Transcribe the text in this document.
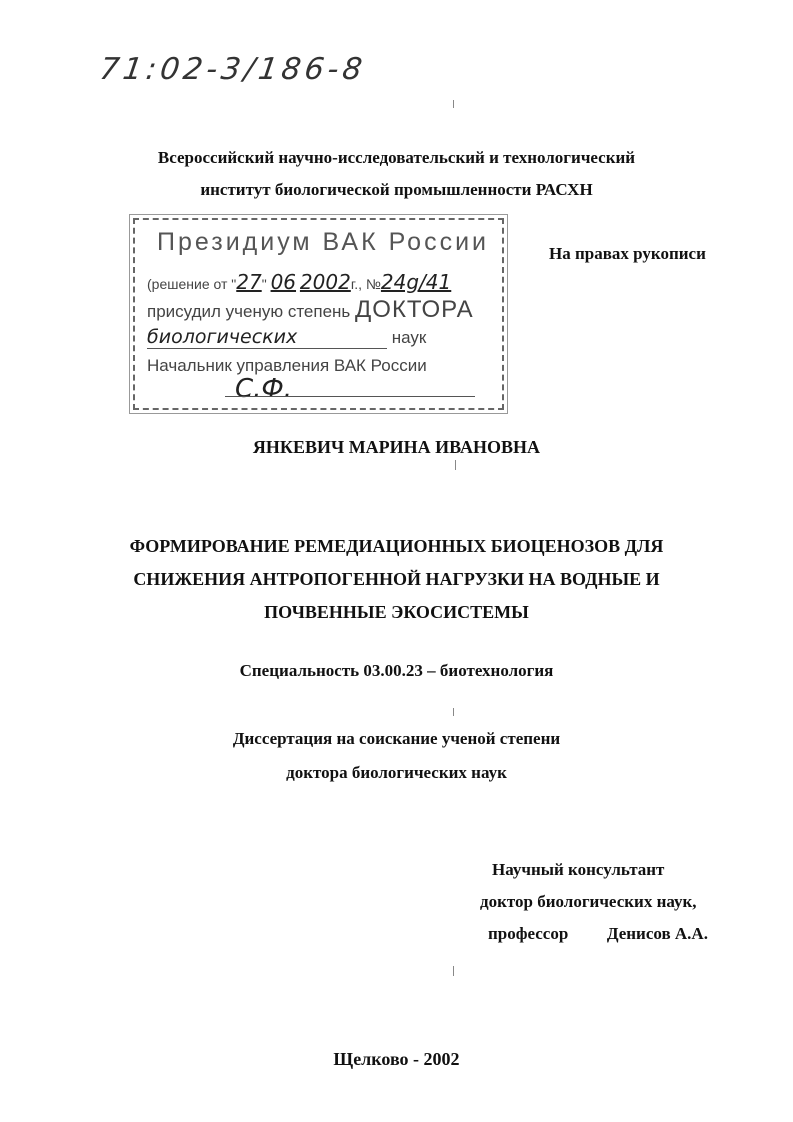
71:02-3/186-8
Всероссийский научно-исследовательский и технологический
институт биологической промышленности РАСХН
На правах рукописи
Президиум ВАК России
(решение от "27" 06 2002г., №24g/41
присудил ученую степень ДОКТОРА
биологических	наук
Начальник управления ВАК России
С.Ф.
ЯНКЕВИЧ МАРИНА ИВАНОВНА
ФОРМИРОВАНИЕ РЕМЕДИАЦИОННЫХ БИОЦЕНОЗОВ ДЛЯ
СНИЖЕНИЯ АНТРОПОГЕННОЙ НАГРУЗКИ НА ВОДНЫЕ И
ПОЧВЕННЫЕ ЭКОСИСТЕМЫ
Специальность 03.00.23 – биотехнология
Диссертация на соискание ученой степени
доктора биологических наук
Научный консультант
доктор биологических наук,
профессор Денисов А.А.
Щелково - 2002
